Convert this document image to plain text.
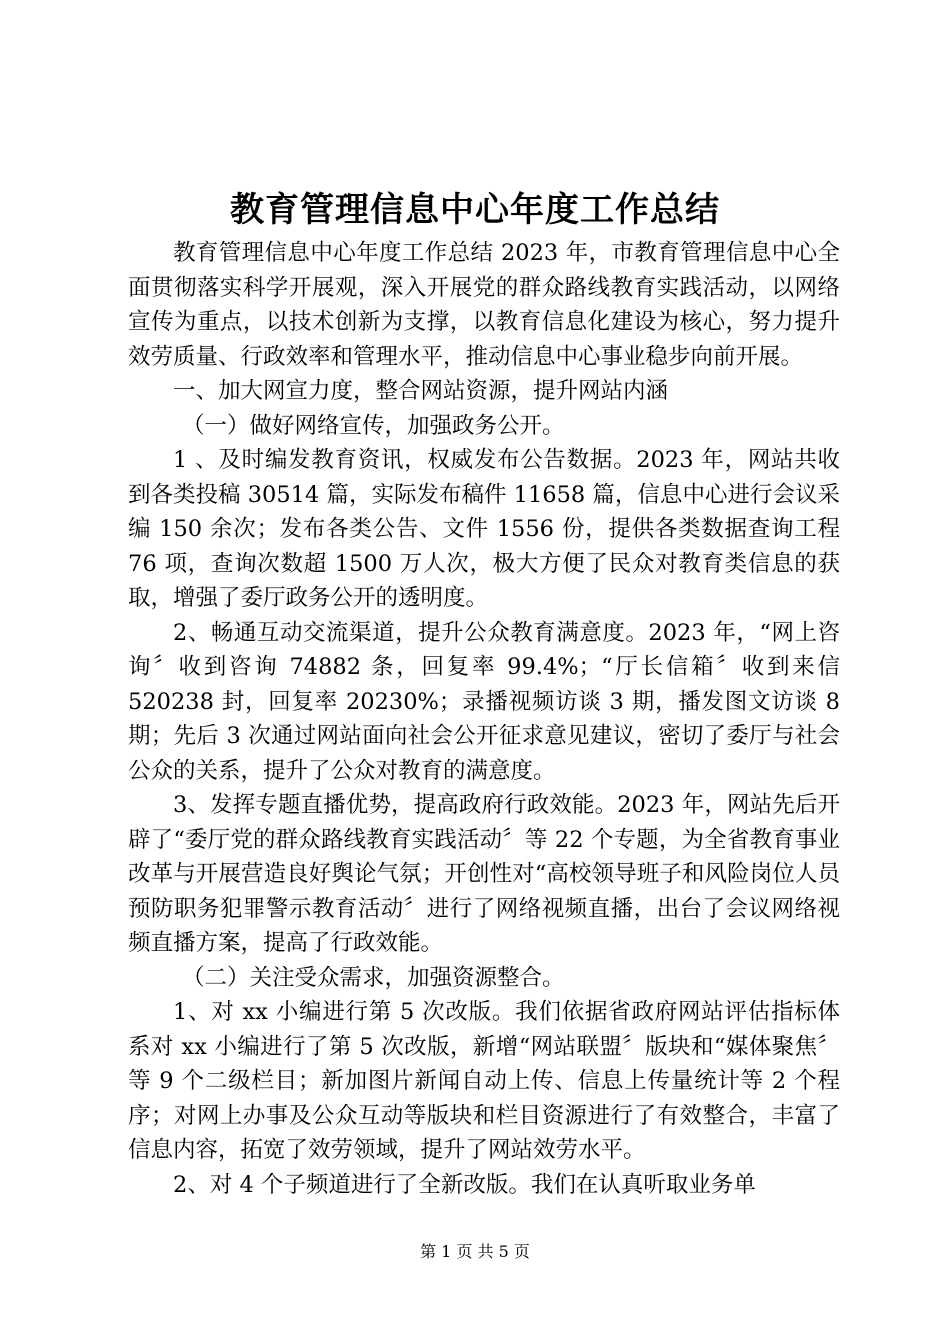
教育管理信息中心年度工作总结

教育管理信息中心年度工作总结 2023 年，市教育管理信息中心全面贯彻落实科学开展观，深入开展党的群众路线教育实践活动，以网络宣传为重点，以技术创新为支撑，以教育信息化建设为核心，努力提升效劳质量、行政效率和管理水平，推动信息中心事业稳步向前开展。

一、加大网宣力度，整合网站资源，提升网站内涵

（一）做好网络宣传，加强政务公开。

1 、及时编发教育资讯，权威发布公告数据。2023 年，网站共收到各类投稿 30514 篇，实际发布稿件 11658 篇，信息中心进行会议采编 150 余次；发布各类公告、文件 1556 份，提供各类数据查询工程 76 项，查询次数超 1500 万人次，极大方便了民众对教育类信息的获取，增强了委厅政务公开的透明度。

2、畅通互动交流渠道，提升公众教育满意度。2023 年，“网上咨询〞收到咨询 74882 条，回复率 99.4%；“厅长信箱〞收到来信 520238 封，回复率 20230%；录播视频访谈 3 期，播发图文访谈 8 期；先后 3 次通过网站面向社会公开征求意见建议，密切了委厅与社会公众的关系，提升了公众对教育的满意度。

3、发挥专题直播优势，提高政府行政效能。2023 年，网站先后开辟了“委厅党的群众路线教育实践活动〞等 22 个专题，为全省教育事业改革与开展营造良好舆论气氛；开创性对“高校领导班子和风险岗位人员预防职务犯罪警示教育活动〞进行了网络视频直播，出台了会议网络视频直播方案，提高了行政效能。

（二）关注受众需求，加强资源整合。

1、对 xx 小编进行第 5 次改版。我们依据省政府网站评估指标体系对 xx 小编进行了第 5 次改版，新增“网站联盟〞版块和“媒体聚焦〞等 9 个二级栏目；新加图片新闻自动上传、信息上传量统计等 2 个程序；对网上办事及公众互动等版块和栏目资源进行了有效整合，丰富了信息内容，拓宽了效劳领域，提升了网站效劳水平。

2、对 4 个子频道进行了全新改版。我们在认真听取业务单

第 1 页 共 5 页
